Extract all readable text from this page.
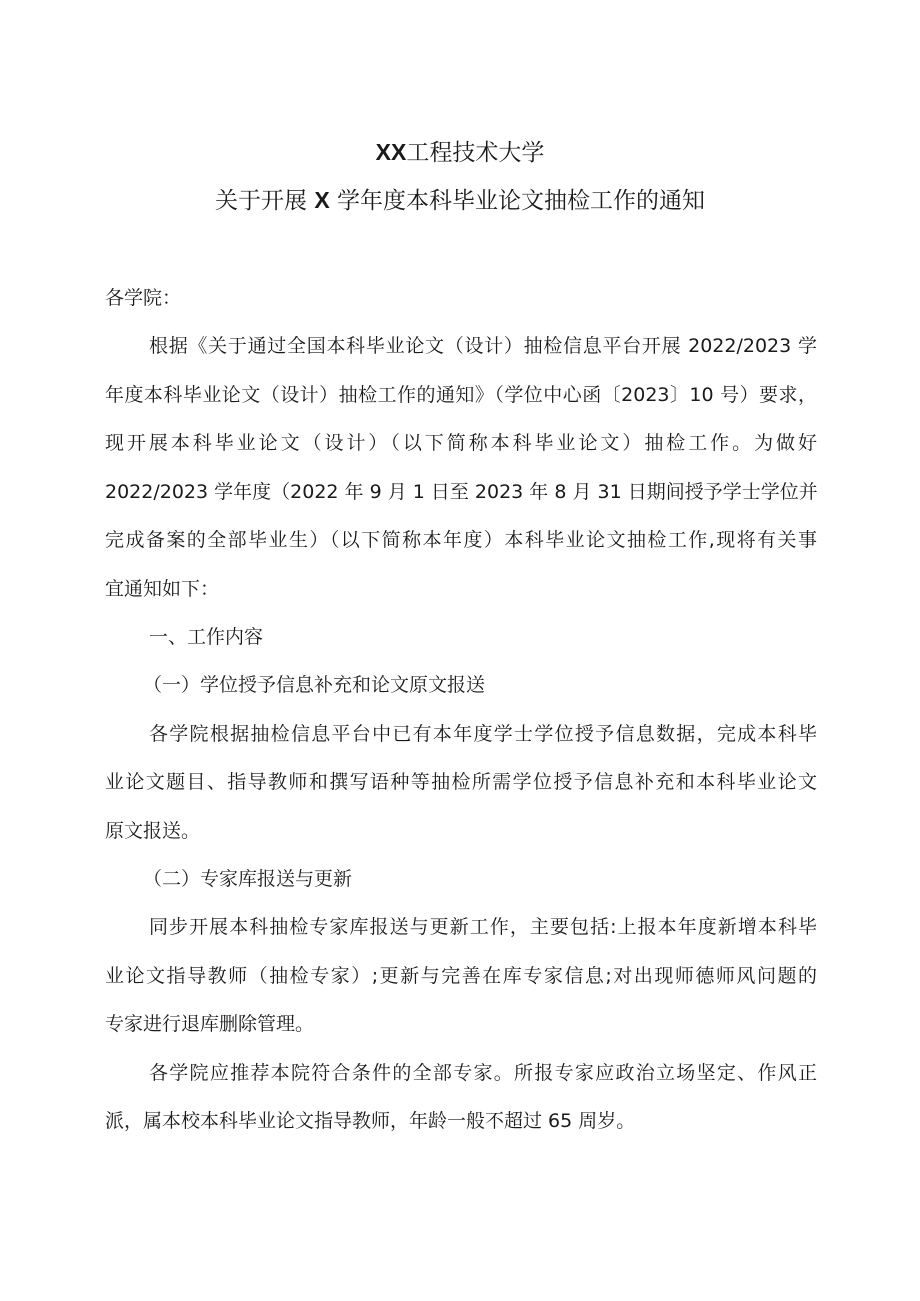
XX工程技术大学
关于开展 X 学年度本科毕业论文抽检工作的通知
各学院：
根据《关于通过全国本科毕业论文（设计）抽检信息平台开展 2022/2023 学
年度本科毕业论文（设计）抽检工作的通知》（学位中心函〔2023〕10 号）要求，
现开展本科毕业论文（设计）（以下简称本科毕业论文）抽检工作。为做好
2022/2023 学年度（2022 年 9 月 1 日至 2023 年 8 月 31 日期间授予学士学位并
完成备案的全部毕业生）（以下简称本年度）本科毕业论文抽检工作,现将有关事
宜通知如下：
一、工作内容
（一）学位授予信息补充和论文原文报送
各学院根据抽检信息平台中已有本年度学士学位授予信息数据，完成本科毕
业论文题目、指导教师和撰写语种等抽检所需学位授予信息补充和本科毕业论文
原文报送。
（二）专家库报送与更新
同步开展本科抽检专家库报送与更新工作，主要包括:上报本年度新增本科毕
业论文指导教师（抽检专家）;更新与完善在库专家信息;对出现师德师风问题的
专家进行退库删除管理。
各学院应推荐本院符合条件的全部专家。所报专家应政治立场坚定、作风正
派，属本校本科毕业论文指导教师，年龄一般不超过 65 周岁。
